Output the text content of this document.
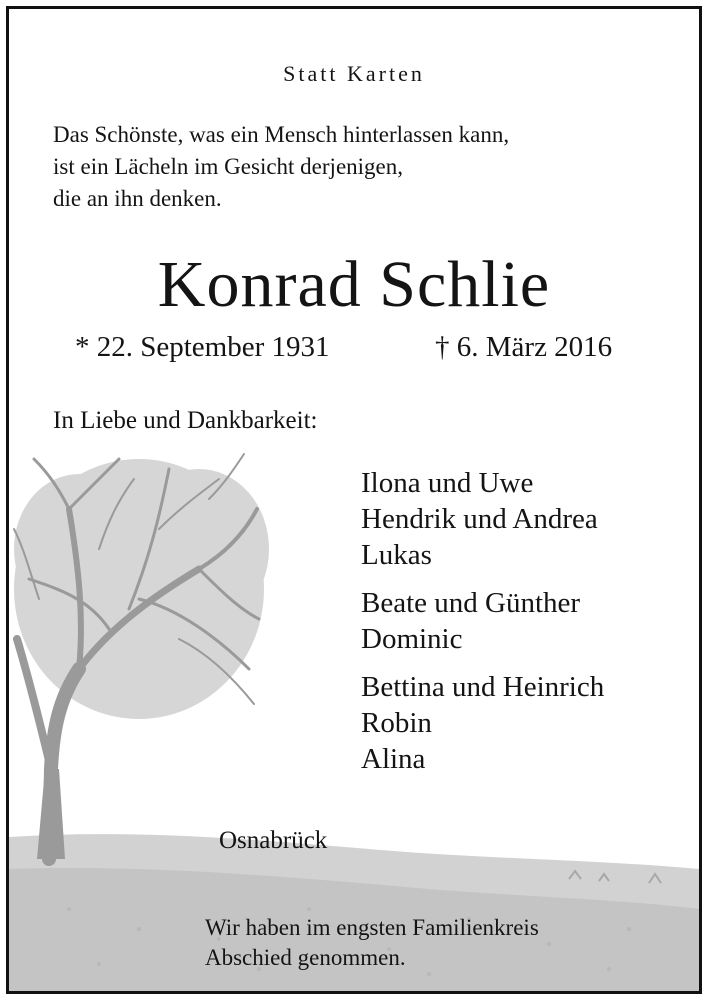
Statt Karten
Das Schönste, was ein Mensch hinterlassen kann,
ist ein Lächeln im Gesicht derjenigen,
die an ihn denken.
Konrad Schlie
* 22. September 1931	† 6. März 2016
In Liebe und Dankbarkeit:
Ilona und Uwe
Hendrik und Andrea
Lukas
Beate und Günther
Dominic
Bettina und Heinrich
Robin
Alina
Osnabrück
Wir haben im engsten Familienkreis
Abschied genommen.
